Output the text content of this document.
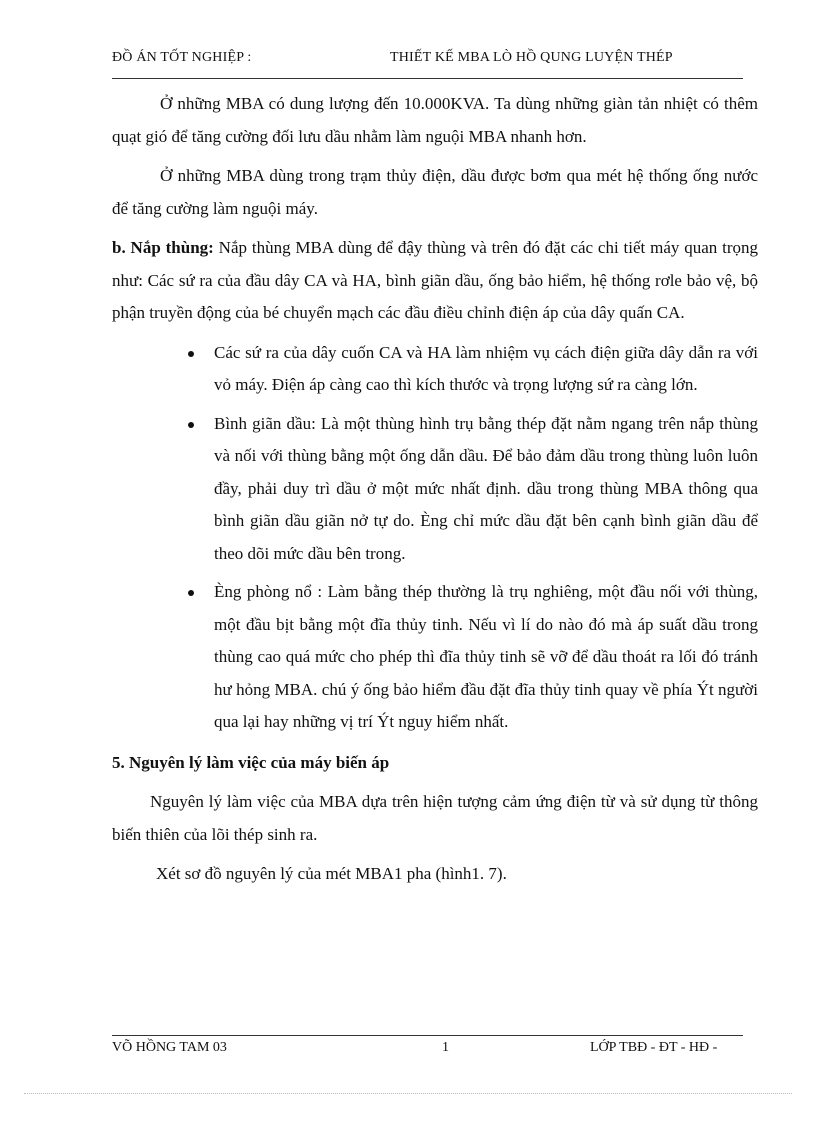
ĐỒ ÁN TỐT NGHIỆP :	THIẾT KẾ MBA LÒ HỒ QUNG LUYỆN THÉP

Ở những MBA có dung lượng đến 10.000KVA. Ta dùng những giàn tản nhiệt có thêm quạt gió để tăng cường đối lưu dầu nhằm làm nguội MBA nhanh hơn.

Ở những MBA dùng trong trạm thủy điện, dầu được bơm qua mét hệ thống ống nước để tăng cường làm nguội máy.

b. Nắp thùng: Nắp thùng MBA dùng để đậy thùng và trên đó đặt các chi tiết máy quan trọng như: Các sứ ra của đầu dây CA và HA, bình giãn dầu, ống bảo hiểm, hệ thống rơle bảo vệ, bộ phận truyền động của bé chuyển mạch các đầu điều chỉnh điện áp của dây quấn CA.

Các sứ ra của dây cuốn CA và HA làm nhiệm vụ cách điện giữa dây dẫn ra với vỏ máy. Điện áp càng cao thì kích thước và trọng lượng sứ ra càng lớn.
Bình giãn dầu: Là một thùng hình trụ bằng thép đặt nằm ngang trên nắp thùng và nối với thùng bằng một ống dẫn dầu. Để bảo đảm dầu trong thùng luôn luôn đầy, phải duy trì dầu ở một mức nhất định. dầu trong thùng MBA thông qua bình giãn dầu giãn nở tự do. Èng chỉ mức dầu đặt bên cạnh bình giãn dầu để theo dõi mức dầu bên trong.
Èng phòng nổ : Làm bằng thép thường là trụ nghiêng, một đầu nối với thùng, một đầu bịt bằng một đĩa thủy tinh. Nếu vì lí do nào đó mà áp suất dầu trong thùng cao quá mức cho phép thì đĩa thủy tinh sẽ vỡ để dầu thoát ra lối đó tránh hư hỏng MBA. chú ý ống bảo hiểm đầu đặt đĩa thủy tinh quay về phía Ýt người qua lại hay những vị trí Ýt nguy hiểm nhất.

5. Nguyên lý làm việc của máy biến áp

Nguyên lý làm việc của MBA dựa trên hiện tượng cảm ứng điện từ và sử dụng từ thông biến thiên của lõi thép sinh ra.

Xét sơ đồ nguyên lý của mét MBA1 pha (hình1. 7).

VÕ HỒNG TAM 03	1	LỚP TBĐ - ĐT - HĐ -
